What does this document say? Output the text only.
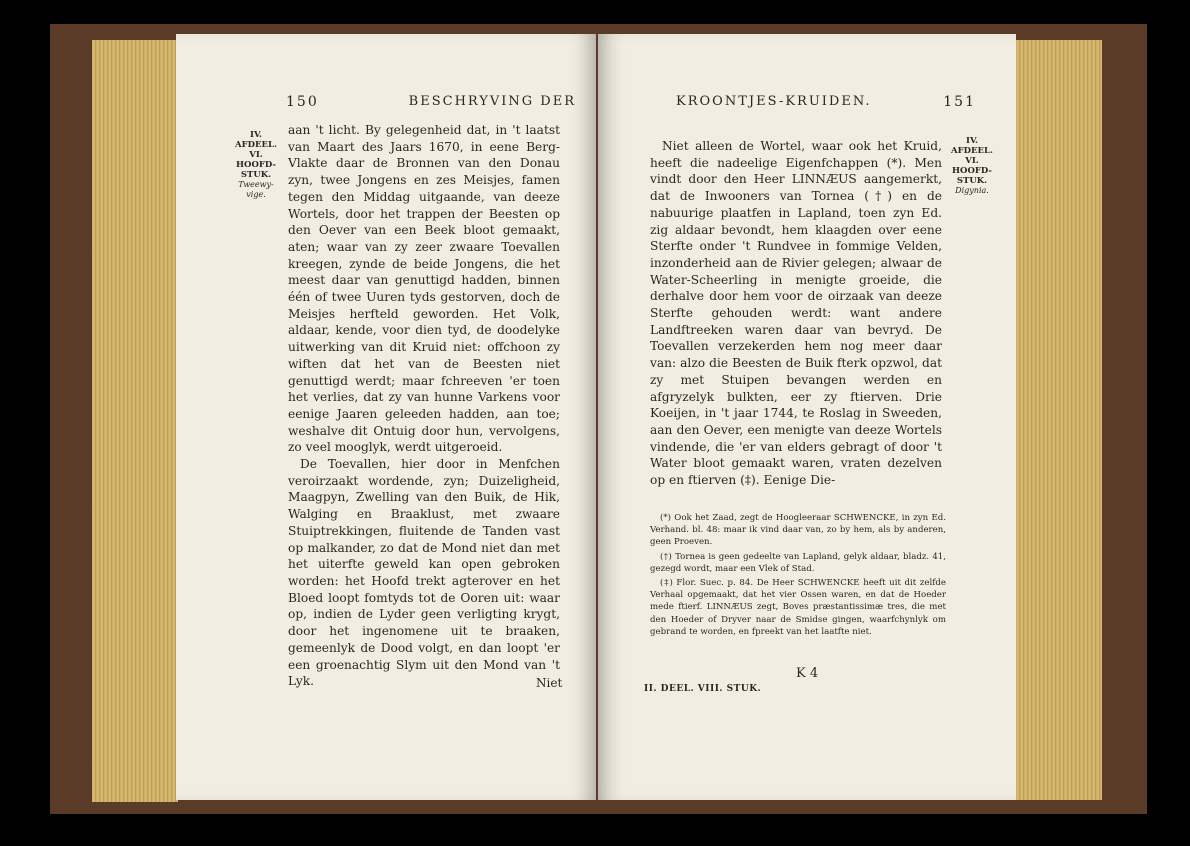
150	BESCHRYVING DER
IV.
AFDEEL.
VI.
HOOFD-
STUK.
Tweewy-
vige.

aan 't licht. By gelegenheid dat, in 't laatst van Maart des Jaars 1670, in eene Berg-Vlakte daar de Bronnen van den Donau zyn, twee Jongens en zes Meisjes, famen tegen den Middag uitgaande, van deeze Wortels, door het trappen der Beesten op den Oever van een Beek bloot gemaakt, aten; waar van zy zeer zwaare Toevallen kreegen, zynde de beide Jongens, die het meest daar van genuttigd hadden, binnen één of twee Uuren tyds gestorven, doch de Meisjes herfteld geworden. Het Volk, aldaar, kende, voor dien tyd, de doodelyke uitwerking van dit Kruid niet: offchoon zy wiften dat het van de Beesten niet genuttigd werdt; maar fchreeven 'er toen het verlies, dat zy van hunne Varkens voor eenige Jaaren geleeden hadden, aan toe; weshalve dit Ontuig door hun, vervolgens, zo veel mooglyk, werdt uitgeroeid.

De Toevallen, hier door in Menfchen veroirzaakt wordende, zyn; Duizeligheid, Maagpyn, Zwelling van den Buik, de Hik, Walging en Braaklust, met zwaare Stuiptrekkingen, fluitende de Tanden vast op malkander, zo dat de Mond niet dan met het uiterfte geweld kan open gebroken worden: het Hoofd trekt agterover en het Bloed loopt fomtyds tot de Ooren uit: waar op, indien de Lyder geen verligting krygt, door het ingenomene uit te braaken, gemeenlyk de Dood volgt, en dan loopt 'er een groenachtig Slym uit den Mond van 't Lyk.	Niet
KROONTJES-KRUIDEN.	151
IV.
AFDEEL.
VI.
HOOFD-
STUK.
Digynia.

Niet alleen de Wortel, waar ook het Kruid, heeft die nadeelige Eigenfchappen (*). Men vindt door den Heer LINNÆUS aangemerkt, dat de Inwooners van Tornea (†) en de nabuurige plaatfen in Lapland, toen zyn Ed. zig aldaar bevondt, hem klaagden over eene Sterfte onder 't Rundvee in fommige Velden, inzonderheid aan de Rivier gelegen; alwaar de Water-Scheerling in menigte groeide, die derhalve door hem voor de oirzaak van deeze Sterfte gehouden werdt: want andere Landftreeken waren daar van bevryd. De Toevallen verzekerden hem nog meer daar van: alzo die Beesten de Buik fterk opzwol, dat zy met Stuipen bevangen werden en afgryzelyk bulkten, eer zy ftierven. Drie Koeijen, in 't jaar 1744, te Roslag in Sweeden, aan den Oever, een menigte van deeze Wortels vindende, die 'er van elders gebragt of door 't Water bloot gemaakt waren, vraten dezelven op en ftierven (‡). Eenige Die-

(*) Ook het Zaad, zegt de Hoogleeraar SCHWENCKE, in zyn Ed. Verhand. bl. 48: maar ik vind daar van, zo by hem, als by anderen, geen Proeven.

(†) Tornea is geen gedeelte van Lapland, gelyk aldaar, bladz. 41, gezegd wordt, maar een Vlek of Stad.

(‡) Flor. Suec. p. 84. De Heer SCHWENCKE heeft uit dit zelfde Verhaal opgemaakt, dat het vier Ossen waren, en dat de Hoeder mede ftierf. LINNÆUS zegt, Boves præstantissimæ tres, die met den Hoeder of Dryver naar de Smidse gingen, waarfchynlyk om gebrand te worden, en fpreekt van het laatfte niet.

K 4
II. DEEL. VIII. STUK.
